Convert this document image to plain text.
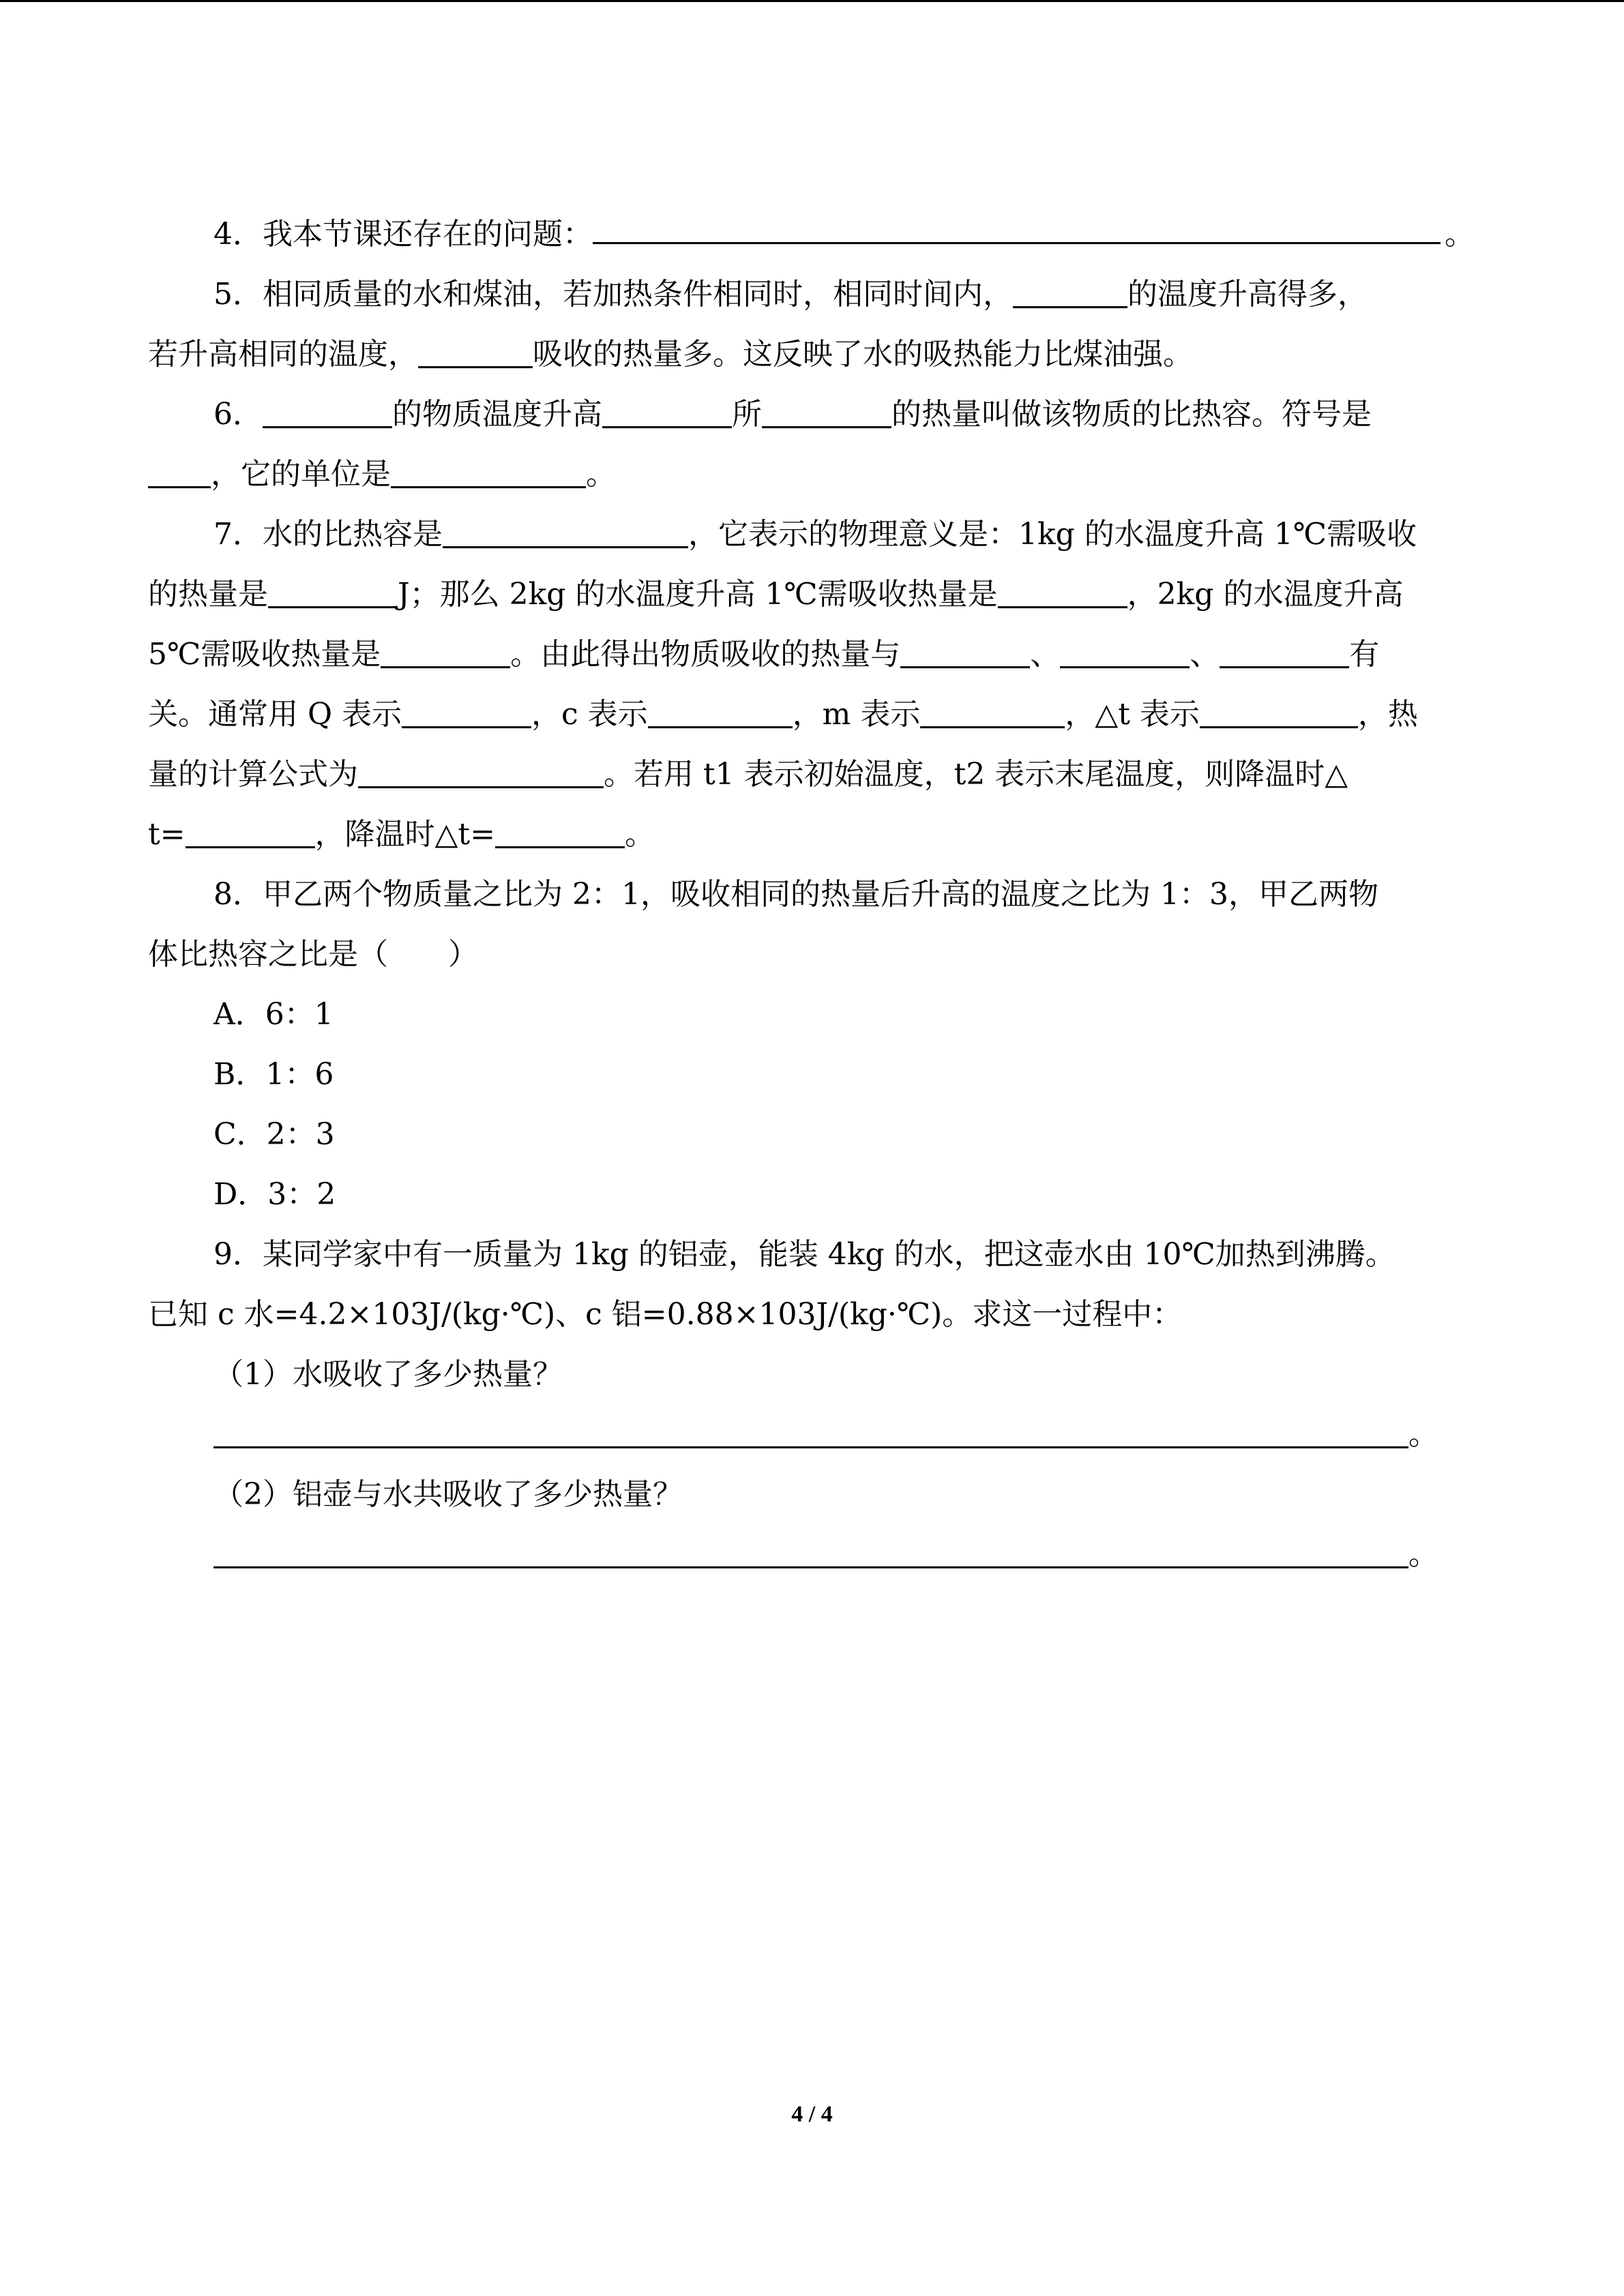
4．我本节课还存在的问题：	。
5．相同质量的水和煤油，若加热条件相同时，相同时间内，	的温度升高得多，
若升高相同的温度，	吸收的热量多。这反映了水的吸热能力比煤油强。
6．	的物质温度升高	所	的热量叫做该物质的比热容。符号是
，它的单位是	。
7．水的比热容是	，它表示的物理意义是：1kg 的水温度升高 1℃需吸收
的热量是	J；那么 2kg 的水温度升高 1℃需吸收热量是	，2kg 的水温度升高
5℃需吸收热量是	。由此得出物质吸收的热量与	、	、	有
关。通常用 Q 表示	，c 表示	，m 表示	，△t 表示	，热
量的计算公式为	。若用 t1 表示初始温度，t2 表示末尾温度，则降温时△
t=	，降温时△t=	。
8．甲乙两个物质量之比为 2：1，吸收相同的热量后升高的温度之比为 1：3，甲乙两物
体比热容之比是（　　）
A．6：1
B．1：6
C．2：3
D．3：2
9．某同学家中有一质量为 1kg 的铝壶，能装 4kg 的水，把这壶水由 10℃加热到沸腾。
已知 c 水=4.2×103J/(kg·℃)、c 铝=0.88×103J/(kg·℃)。求这一过程中：
（1）水吸收了多少热量？
。
（2）铝壶与水共吸收了多少热量？
。
4 / 4
